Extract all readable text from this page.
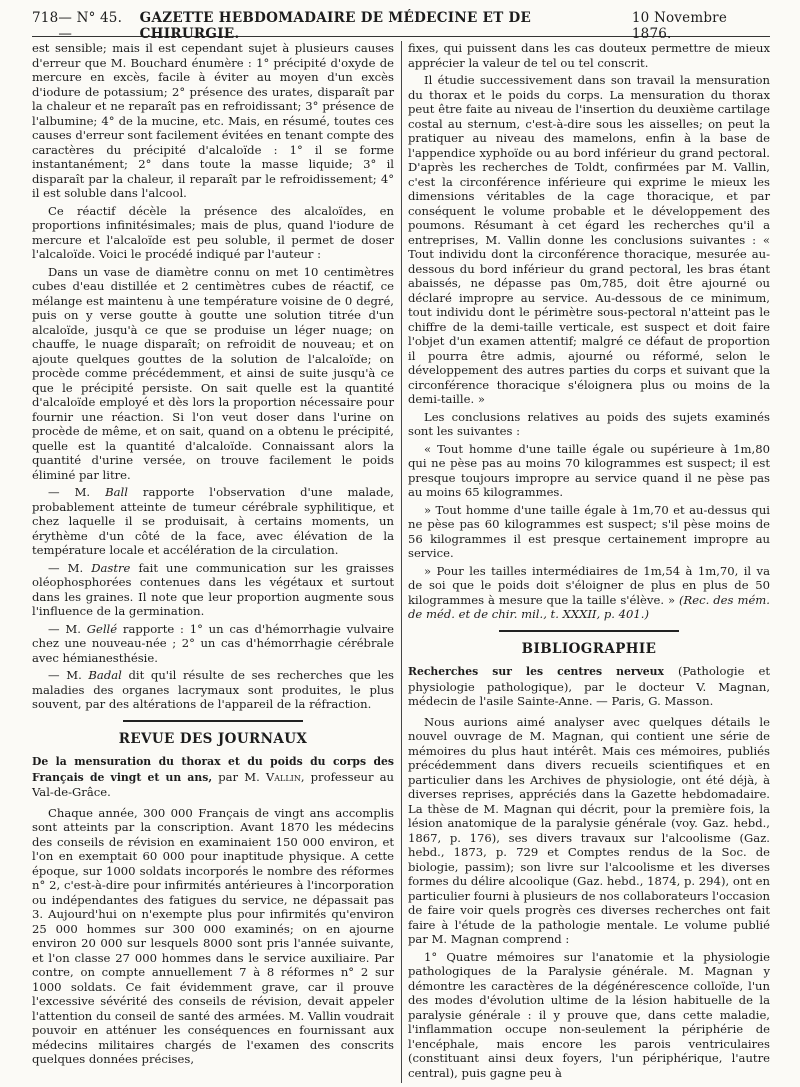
718 — N° 45. —
GAZETTE HEBDOMADAIRE DE MÉDECINE ET DE CHIRURGIE.
10 Novembre 1876.

est sensible; mais il est cependant sujet à plusieurs causes d'erreur que M. Bouchard énumère : 1° précipité d'oxyde de mercure en excès, facile à éviter au moyen d'un excès d'iodure de potassium; 2° présence des urates, disparaît par la chaleur et ne reparaît pas en refroidissant; 3° présence de l'albumine; 4° de la mucine, etc. Mais, en résumé, toutes ces causes d'erreur sont facilement évitées en tenant compte des caractères du précipité d'alcaloïde : 1° il se forme instantanément; 2° dans toute la masse liquide; 3° il disparaît par la chaleur, il reparaît par le refroidissement; 4° il est soluble dans l'alcool.

Ce réactif décèle la présence des alcaloïdes, en proportions infinitésimales; mais de plus, quand l'iodure de mercure et l'alcaloïde est peu soluble, il permet de doser l'alcaloïde. Voici le procédé indiqué par l'auteur :

Dans un vase de diamètre connu on met 10 centimètres cubes d'eau distillée et 2 centimètres cubes de réactif, ce mélange est maintenu à une température voisine de 0 degré, puis on y verse goutte à goutte une solution titrée d'un alcaloïde, jusqu'à ce que se produise un léger nuage; on chauffe, le nuage disparaît; on refroidit de nouveau; et on ajoute quelques gouttes de la solution de l'alcaloïde; on procède comme précédemment, et ainsi de suite jusqu'à ce que le précipité persiste. On sait quelle est la quantité d'alcaloïde employé et dès lors la proportion nécessaire pour fournir une réaction. Si l'on veut doser dans l'urine on procède de même, et on sait, quand on a obtenu le précipité, quelle est la quantité d'alcaloïde. Connaissant alors la quantité d'urine versée, on trouve facilement le poids éliminé par litre.

— M. Ball rapporte l'observation d'une malade, probablement atteinte de tumeur cérébrale syphilitique, et chez laquelle il se produisait, à certains moments, un érythème d'un côté de la face, avec élévation de la température locale et accélération de la circulation.

— M. Dastre fait une communication sur les graisses oléophosphorées contenues dans les végétaux et surtout dans les graines. Il note que leur proportion augmente sous l'influence de la germination.

— M. Gellé rapporte : 1° un cas d'hémorrhagie vulvaire chez une nouveau-née ; 2° un cas d'hémorrhagie cérébrale avec hémianesthésie.

— M. Badal dit qu'il résulte de ses recherches que les maladies des organes lacrymaux sont produites, le plus souvent, par des altérations de l'appareil de la réfraction.

REVUE DES JOURNAUX

De la mensuration du thorax et du poids du corps des Français de vingt et un ans, par M. Vallin, professeur au Val-de-Grâce.

Chaque année, 300 000 Français de vingt ans accomplis sont atteints par la conscription. Avant 1870 les médecins des conseils de révision en examinaient 150 000 environ, et l'on en exemptait 60 000 pour inaptitude physique. A cette époque, sur 1000 soldats incorporés le nombre des réformes n° 2, c'est-à-dire pour infirmités antérieures à l'incorporation ou indépendantes des fatigues du service, ne dépassait pas 3. Aujourd'hui on n'exempte plus pour infirmités qu'environ 25 000 hommes sur 300 000 examinés; on en ajourne environ 20 000 sur lesquels 8000 sont pris l'année suivante, et l'on classe 27 000 hommes dans le service auxiliaire. Par contre, on compte annuellement 7 à 8 réformes n° 2 sur 1000 soldats. Ce fait évidemment grave, car il prouve l'excessive sévérité des conseils de révision, devait appeler l'attention du conseil de santé des armées. M. Vallin voudrait pouvoir en atténuer les conséquences en fournissant aux médecins militaires chargés de l'examen des conscrits quelques données précises,

fixes, qui puissent dans les cas douteux permettre de mieux apprécier la valeur de tel ou tel conscrit.

Il étudie successivement dans son travail la mensuration du thorax et le poids du corps. La mensuration du thorax peut être faite au niveau de l'insertion du deuxième cartilage costal au sternum, c'est-à-dire sous les aisselles; on peut la pratiquer au niveau des mamelons, enfin à la base de l'appendice xyphoïde ou au bord inférieur du grand pectoral. D'après les recherches de Toldt, confirmées par M. Vallin, c'est la circonférence inférieure qui exprime le mieux les dimensions véritables de la cage thoracique, et par conséquent le volume probable et le développement des poumons. Résumant à cet égard les recherches qu'il a entreprises, M. Vallin donne les conclusions suivantes : « Tout individu dont la circonférence thoracique, mesurée au-dessous du bord inférieur du grand pectoral, les bras étant abaissés, ne dépasse pas 0m,785, doit être ajourné ou déclaré impropre au service. Au-dessous de ce minimum, tout individu dont le périmètre sous-pectoral n'atteint pas le chiffre de la demi-taille verticale, est suspect et doit faire l'objet d'un examen attentif; malgré ce défaut de proportion il pourra être admis, ajourné ou réformé, selon le développement des autres parties du corps et suivant que la circonférence thoracique s'éloignera plus ou moins de la demi-taille. »

Les conclusions relatives au poids des sujets examinés sont les suivantes :

« Tout homme d'une taille égale ou supérieure à 1m,80 qui ne pèse pas au moins 70 kilogrammes est suspect; il est presque toujours impropre au service quand il ne pèse pas au moins 65 kilogrammes.

» Tout homme d'une taille égale à 1m,70 et au-dessus qui ne pèse pas 60 kilogrammes est suspect; s'il pèse moins de 56 kilogrammes il est presque certainement impropre au service.

» Pour les tailles intermédiaires de 1m,54 à 1m,70, il va de soi que le poids doit s'éloigner de plus en plus de 50 kilogrammes à mesure que la taille s'élève. » (Rec. des mém. de méd. et de chir. mil., t. XXXII, p. 401.)

BIBLIOGRAPHIE

Recherches sur les centres nerveux (Pathologie et physiologie pathologique), par le docteur V. Magnan, médecin de l'asile Sainte-Anne. — Paris, G. Masson.

Nous aurions aimé analyser avec quelques détails le nouvel ouvrage de M. Magnan, qui contient une série de mémoires du plus haut intérêt. Mais ces mémoires, publiés précédemment dans divers recueils scientifiques et en particulier dans les Archives de physiologie, ont été déjà, à diverses reprises, appréciés dans la Gazette hebdomadaire. La thèse de M. Magnan qui décrit, pour la première fois, la lésion anatomique de la paralysie générale (voy. Gaz. hebd., 1867, p. 176), ses divers travaux sur l'alcoolisme (Gaz. hebd., 1873, p. 729 et Comptes rendus de la Soc. de biologie, passim); son livre sur l'alcoolisme et les diverses formes du délire alcoolique (Gaz. hebd., 1874, p. 294), ont en particulier fourni à plusieurs de nos collaborateurs l'occasion de faire voir quels progrès ces diverses recherches ont fait faire à l'étude de la pathologie mentale. Le volume publié par M. Magnan comprend :

1° Quatre mémoires sur l'anatomie et la physiologie pathologiques de la Paralysie générale. M. Magnan y démontre les caractères de la dégénérescence colloïde, l'un des modes d'évolution ultime de la lésion habituelle de la paralysie générale : il y prouve que, dans cette maladie, l'inflammation occupe non-seulement la périphérie de l'encéphale, mais encore les parois ventriculaires (constituant ainsi deux foyers, l'un périphérique, l'autre central), puis gagne peu à
